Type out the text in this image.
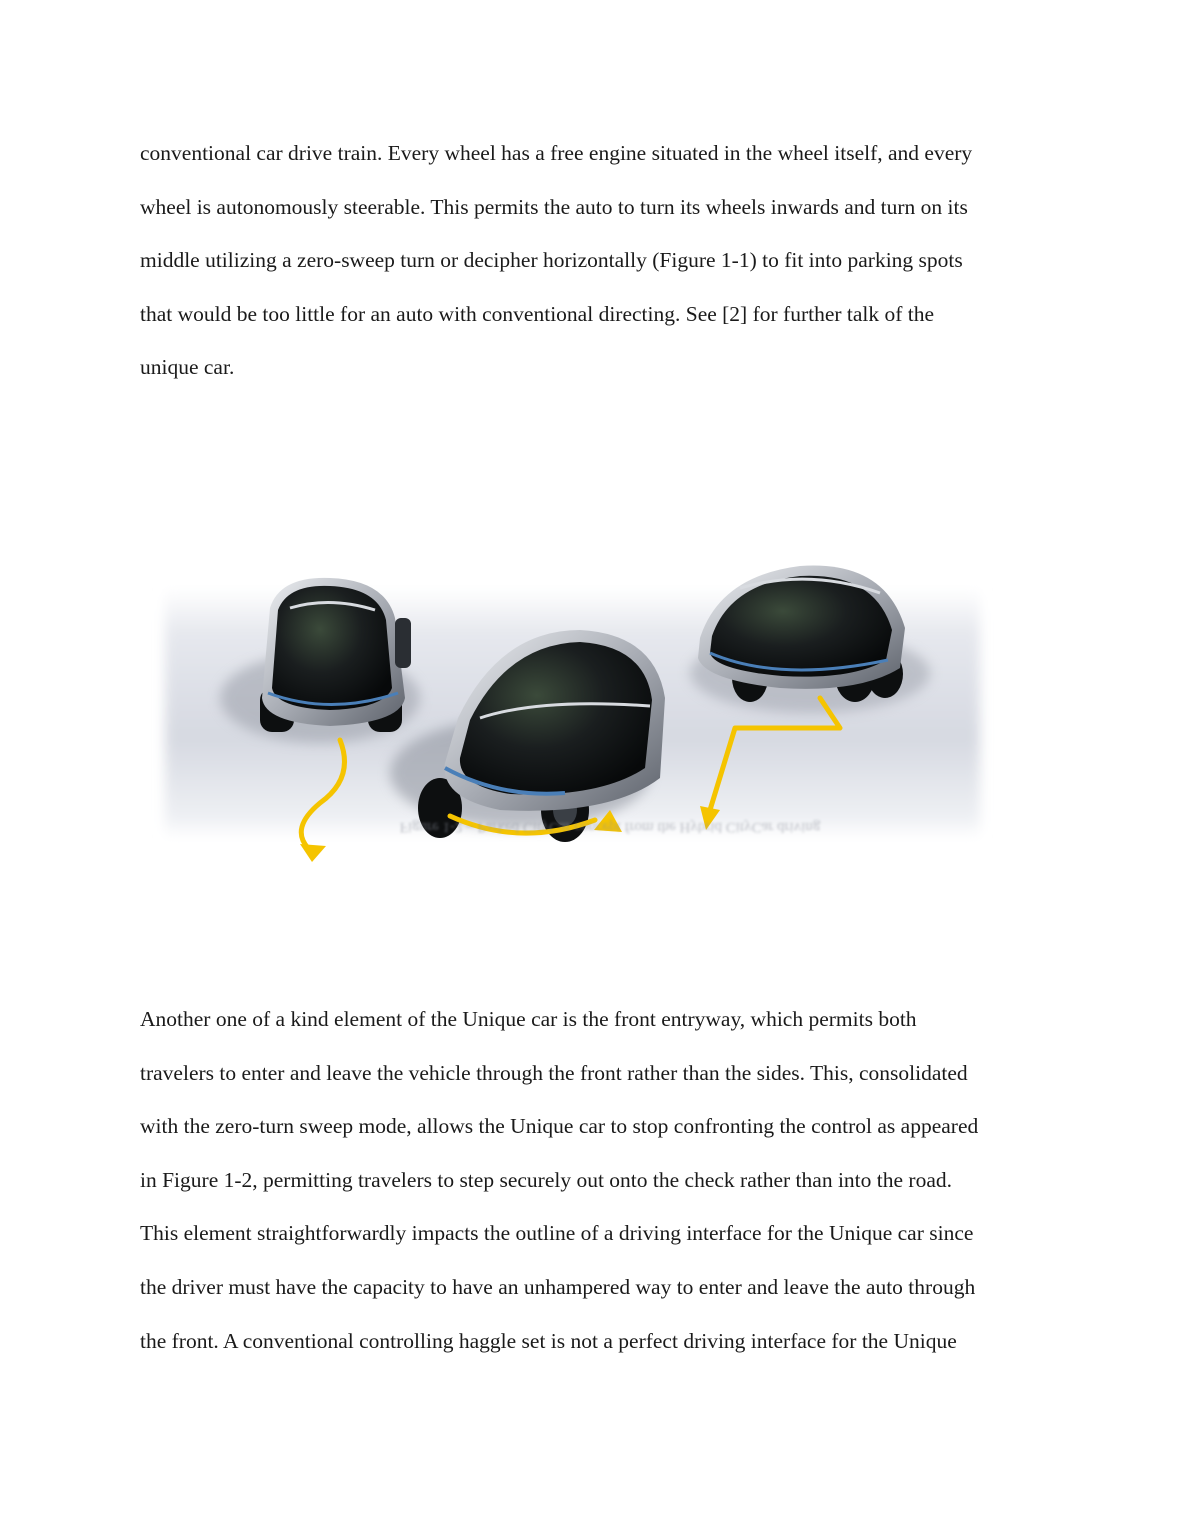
conventional car drive train. Every wheel has a free engine situated in the wheel itself, and every
wheel is autonomously steerable. This permits the auto to turn its wheels inwards and turn on its
middle utilizing a zero-sweep turn or decipher horizontally (Figure 1-1) to fit into parking spots
that would be too little for an auto with conventional directing. See [2] for further talk of the
unique car.
Figure 1-2 – Parked CityCar concept from the Hybrid CityCar driving
Another one of a kind element of the Unique car is the front entryway, which permits both
travelers to enter and leave the vehicle through the front rather than the sides. This, consolidated
with the zero-turn sweep mode, allows the Unique car to stop confronting the control as appeared
in Figure 1-2, permitting travelers to step securely out onto the check rather than into the road.
This element straightforwardly impacts the outline of a driving interface for the Unique car since
the driver must have the capacity to have an unhampered way to enter and leave the auto through
the front. A conventional controlling haggle set is not a perfect driving interface for the Unique
